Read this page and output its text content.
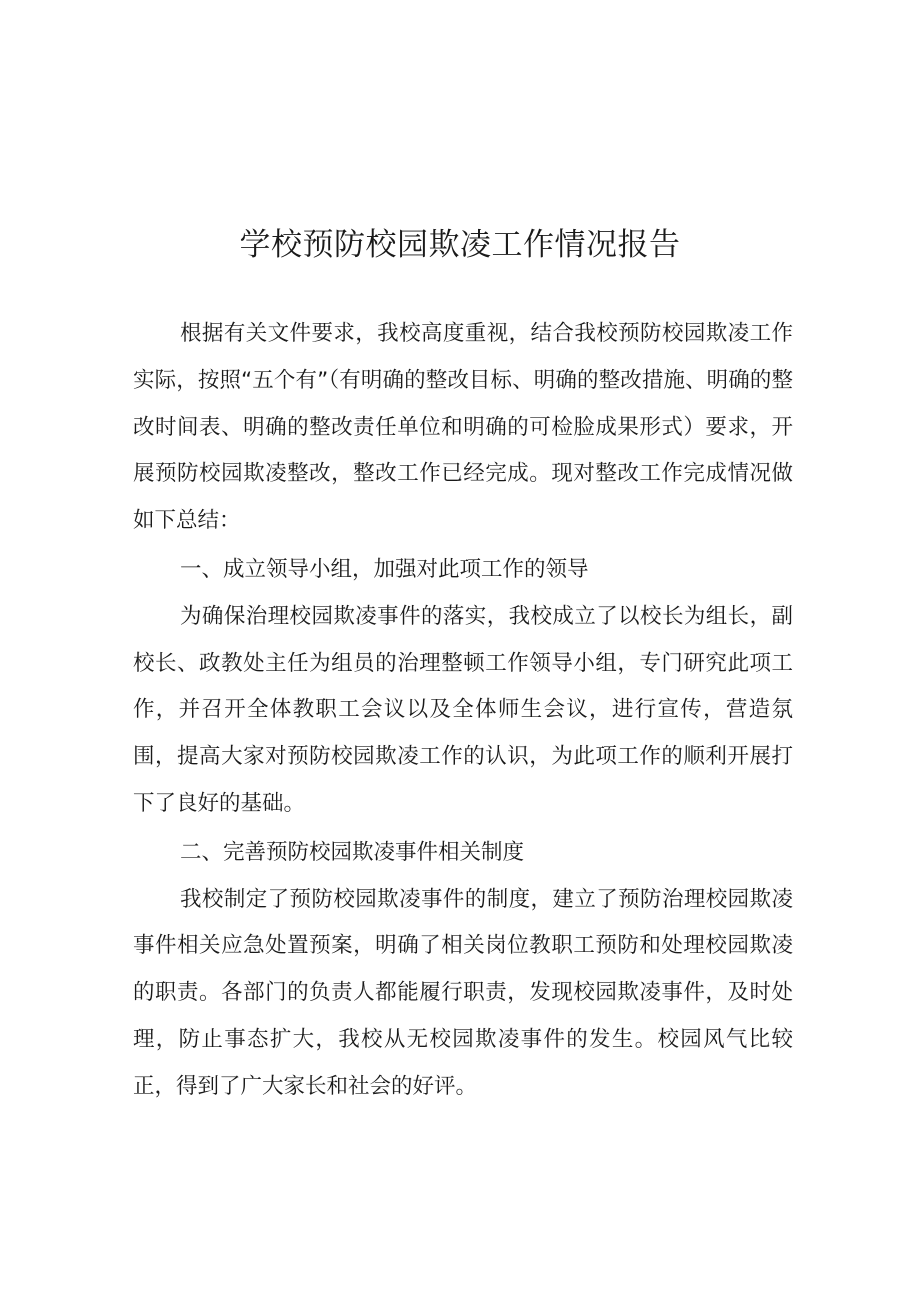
学校预防校园欺凌工作情况报告

根据有关文件要求，我校高度重视，结合我校预防校园欺凌工作实际，按照“五个有”（有明确的整改目标、明确的整改措施、明确的整改时间表、明确的整改责任单位和明确的可检脸成果形式）要求，开展预防校园欺凌整改，整改工作已经完成。现对整改工作完成情况做如下总结：

一、成立领导小组，加强对此项工作的领导

为确保治理校园欺凌事件的落实，我校成立了以校长为组长，副校长、政教处主任为组员的治理整顿工作领导小组，专门研究此项工作，并召开全体教职工会议以及全体师生会议，进行宣传，营造氛围，提高大家对预防校园欺凌工作的认识，为此项工作的顺利开展打下了良好的基础。

二、完善预防校园欺凌事件相关制度

我校制定了预防校园欺凌事件的制度，建立了预防治理校园欺凌事件相关应急处置预案，明确了相关岗位教职工预防和处理校园欺凌的职责。各部门的负责人都能履行职责，发现校园欺凌事件，及时处理，防止事态扩大，我校从无校园欺凌事件的发生。校园风气比较正，得到了广大家长和社会的好评。
